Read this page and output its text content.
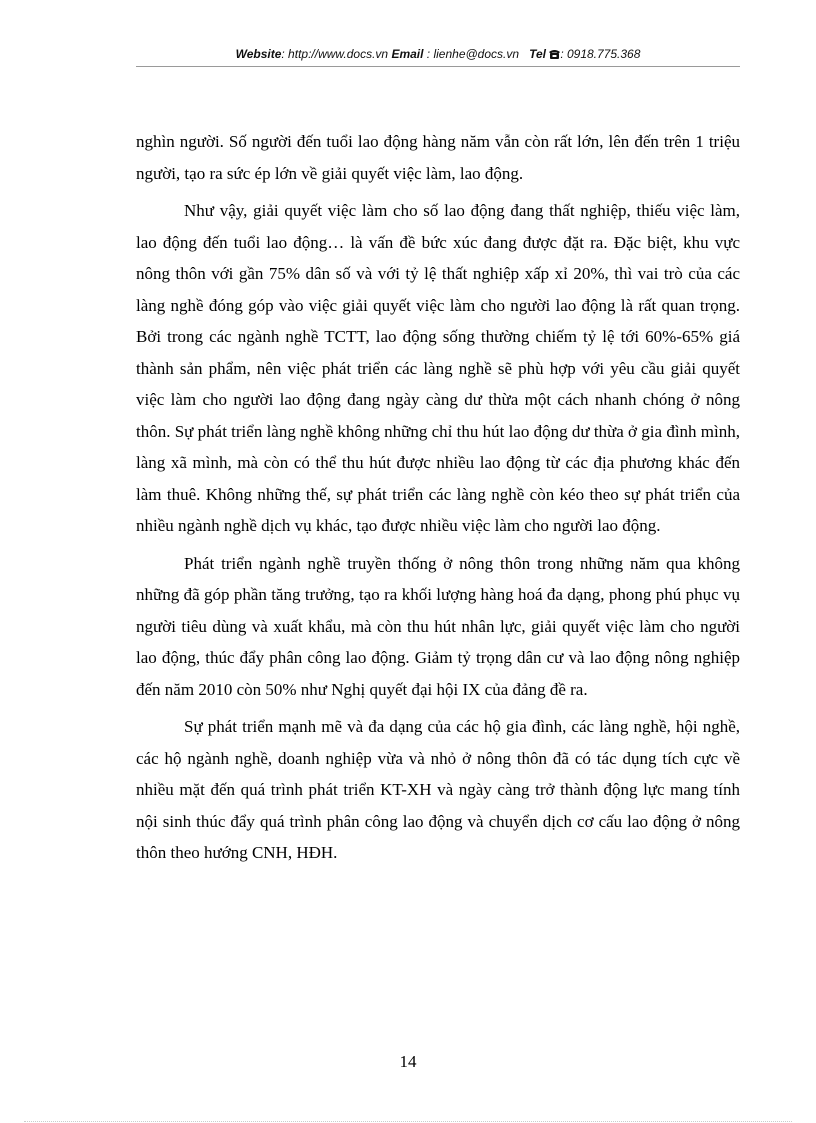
Website: http://www.docs.vn Email : lienhe@docs.vn Tel : 0918.775.368

nghìn người. Số người đến tuổi lao động hàng năm vẫn còn rất lớn, lên đến trên 1 triệu người, tạo ra sức ép lớn về giải quyết việc làm, lao động.

Như vậy, giải quyết việc làm cho số lao động đang thất nghiệp, thiếu việc làm, lao động đến tuổi lao động… là vấn đề bức xúc đang được đặt ra. Đặc biệt, khu vực nông thôn với gần 75% dân số và với tỷ lệ thất nghiệp xấp xỉ 20%, thì vai trò của các làng nghề đóng góp vào việc giải quyết việc làm cho người lao động là rất quan trọng. Bởi trong các ngành nghề TCTT, lao động sống thường chiếm tỷ lệ tới 60%-65% giá thành sản phẩm, nên việc phát triển các làng nghề sẽ phù hợp với yêu cầu giải quyết việc làm cho người lao động đang ngày càng dư thừa một cách nhanh chóng ở nông thôn. Sự phát triển làng nghề không những chỉ thu hút lao động dư thừa ở gia đình mình, làng xã mình, mà còn có thể thu hút được nhiều lao động từ các địa phương khác đến làm thuê. Không những thế, sự phát triển các làng nghề còn kéo theo sự phát triển của nhiều ngành nghề dịch vụ khác, tạo được nhiều việc làm cho người lao động.

Phát triển ngành nghề truyền thống ở nông thôn trong những năm qua không những đã góp phần tăng trưởng, tạo ra khối lượng hàng hoá đa dạng, phong phú phục vụ người tiêu dùng và xuất khẩu, mà còn thu hút nhân lực, giải quyết việc làm cho người lao động, thúc đẩy phân công lao động. Giảm tỷ trọng dân cư và lao động nông nghiệp đến năm 2010 còn 50% như Nghị quyết đại hội IX của đảng đề ra.

Sự phát triển mạnh mẽ và đa dạng của các hộ gia đình, các làng nghề, hội nghề, các hộ ngành nghề, doanh nghiệp vừa và nhỏ ở nông thôn đã có tác dụng tích cực về nhiều mặt đến quá trình phát triển KT-XH và ngày càng trở thành động lực mang tính nội sinh thúc đẩy quá trình phân công lao động và chuyển dịch cơ cấu lao động ở nông thôn theo hướng CNH, HĐH.

14
